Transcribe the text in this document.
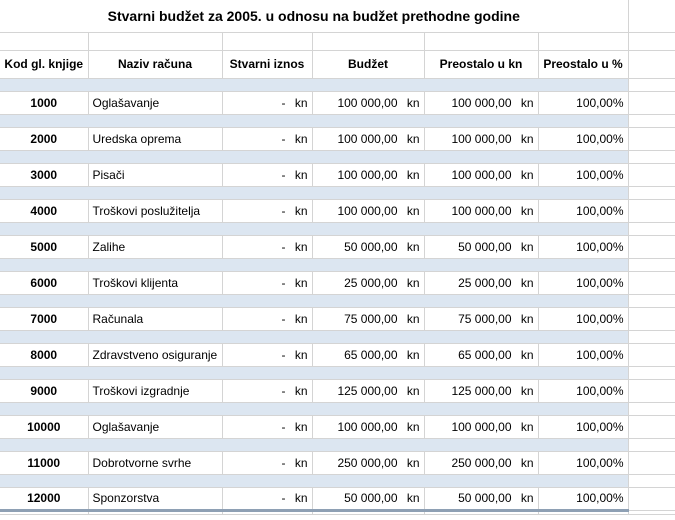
Stvarni budžet za 2005. u odnosu na budžet prethodne godine						

Kod gl. knjige	Naziv računa	Stvarni iznos	Budžet	Preostalo u kn	Preostalo u %	

1000	Oglašavanje	- kn	100 000,00 kn	100 000,00 kn	100,00%	

2000	Uredska oprema	- kn	100 000,00 kn	100 000,00 kn	100,00%	

3000	Pisači	- kn	100 000,00 kn	100 000,00 kn	100,00%	

4000	Troškovi poslužitelja	- kn	100 000,00 kn	100 000,00 kn	100,00%	

5000	Zalihe	- kn	50 000,00 kn	50 000,00 kn	100,00%	

6000	Troškovi klijenta	- kn	25 000,00 kn	25 000,00 kn	100,00%	

7000	Računala	- kn	75 000,00 kn	75 000,00 kn	100,00%	

8000	Zdravstveno osiguranje	- kn	65 000,00 kn	65 000,00 kn	100,00%	

9000	Troškovi izgradnje	- kn	125 000,00 kn	125 000,00 kn	100,00%	

10000	Oglašavanje	- kn	100 000,00 kn	100 000,00 kn	100,00%	

11000	Dobrotvorne svrhe	- kn	250 000,00 kn	250 000,00 kn	100,00%	

12000	Sponzorstva	- kn	50 000,00 kn	50 000,00 kn	100,00%	
